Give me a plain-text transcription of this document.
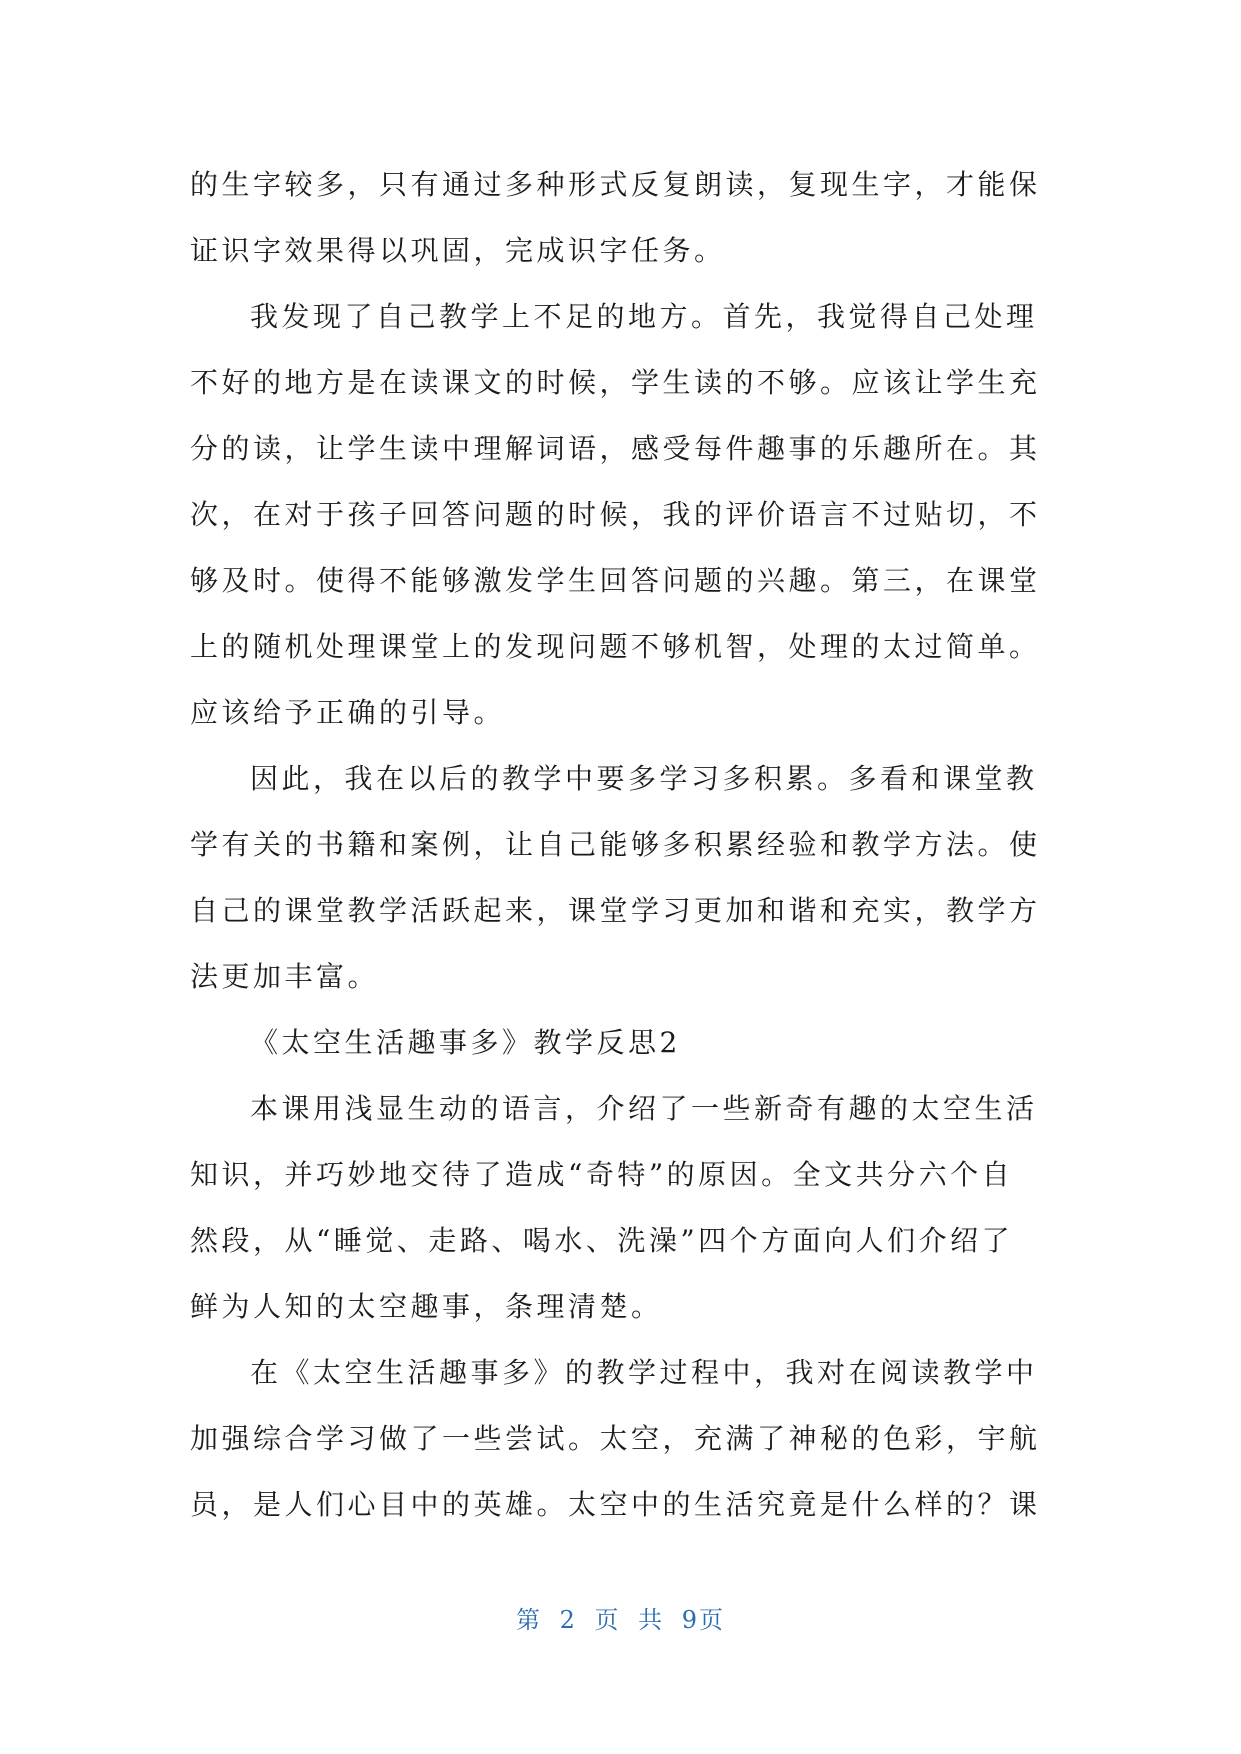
的生字较多，只有通过多种形式反复朗读，复现生字，才能保
证识字效果得以巩固，完成识字任务。
我发现了自己教学上不足的地方。首先，我觉得自己处理
不好的地方是在读课文的时候，学生读的不够。应该让学生充
分的读，让学生读中理解词语，感受每件趣事的乐趣所在。其
次，在对于孩子回答问题的时候，我的评价语言不过贴切，不
够及时。使得不能够激发学生回答问题的兴趣。第三，在课堂
上的随机处理课堂上的发现问题不够机智，处理的太过简单。
应该给予正确的引导。
因此，我在以后的教学中要多学习多积累。多看和课堂教
学有关的书籍和案例，让自己能够多积累经验和教学方法。使
自己的课堂教学活跃起来，课堂学习更加和谐和充实，教学方
法更加丰富。
《太空生活趣事多》教学反思2
本课用浅显生动的语言，介绍了一些新奇有趣的太空生活
知识，并巧妙地交待了造成“奇特”的原因。全文共分六个自
然段，从“睡觉、走路、喝水、洗澡”四个方面向人们介绍了
鲜为人知的太空趣事，条理清楚。
在《太空生活趣事多》的教学过程中，我对在阅读教学中
加强综合学习做了一些尝试。太空，充满了神秘的色彩，宇航
员，是人们心目中的英雄。太空中的生活究竟是什么样的？课
第 2 页 共 9页
